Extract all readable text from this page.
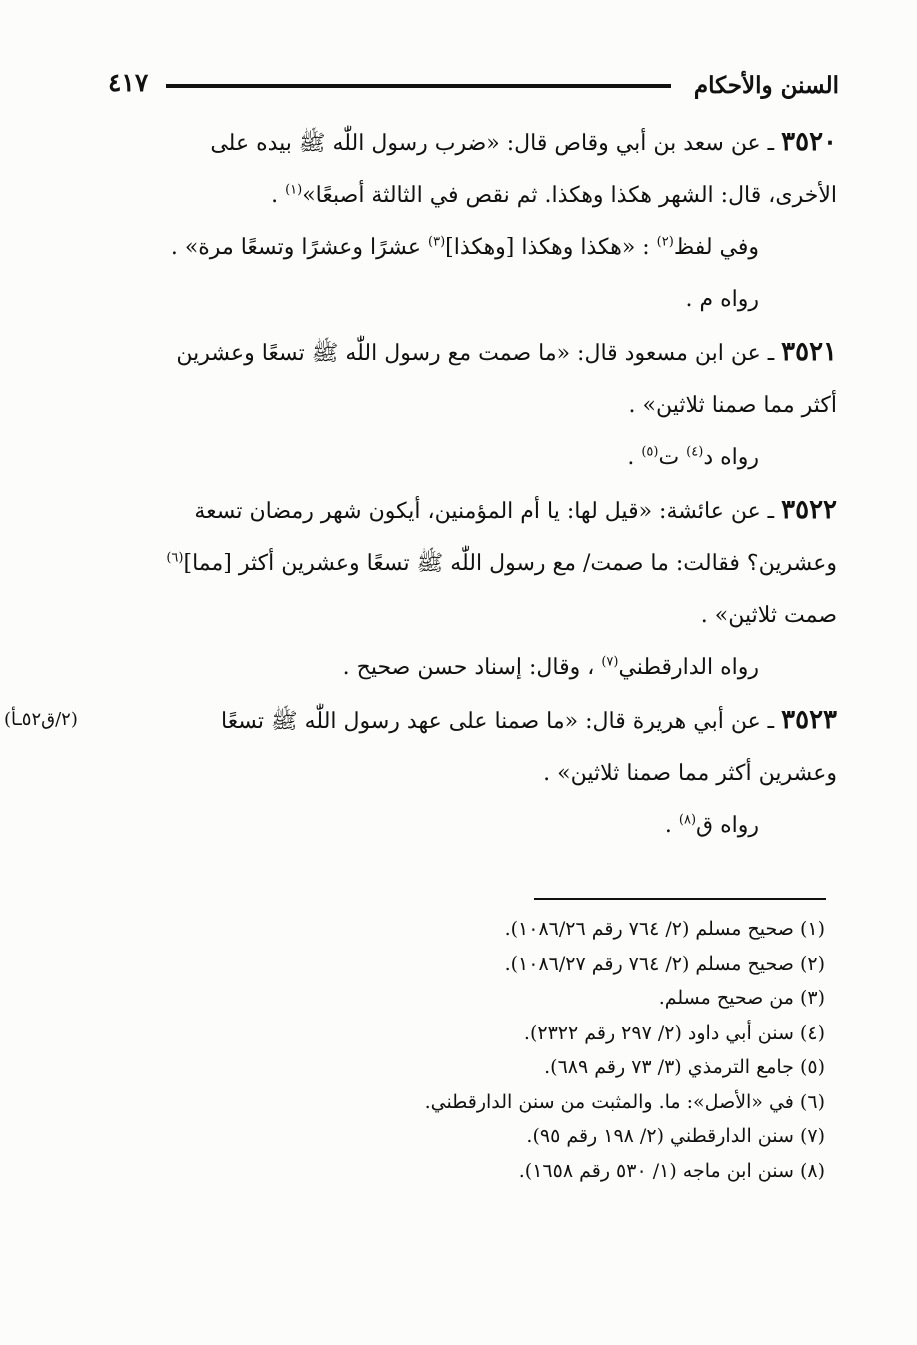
السنن والأحكام
٤١٧

٣٥٢٠ ـ عن سعد بن أبي وقاص قال: «ضرب رسول اللّٰه ﷺ بيده على

الأخرى، قال: الشهر هكذا وهكذا. ثم نقص في الثالثة أصبعًا»$^{(١)}$ .

وفي لفظ$^{(٢)}$ : «هكذا وهكذا [وهكذا]$^{(٣)}$ عشرًا وعشرًا وتسعًا مرة» .

رواه م .

٣٥٢١ ـ عن ابن مسعود قال: «ما صمت مع رسول اللّٰه ﷺ تسعًا وعشرين

أكثر مما صمنا ثلاثين» .

رواه د$^{(٤)}$ ت$^{(٥)}$ .

٣٥٢٢ ـ عن عائشة: «قيل لها: يا أم المؤمنين، أيكون شهر رمضان تسعة

وعشرين؟ فقالت: ما صمت/ مع رسول اللّٰه ﷺ تسعًا وعشرين أكثر [مما]$^{(٦)}$

صمت ثلاثين» .

رواه الدارقطني$^{(٧)}$ ، وقال: إسناد حسن صحيح .

٣٥٢٣ ـ عن أبي هريرة قال: «ما صمنا على عهد رسول اللّٰه ﷺ تسعًا

وعشرين أكثر مما صمنا ثلاثين» .

رواه ق$^{(٨)}$ .

(٢/ق٥٢ـأ)
(١) صحيح مسلم (٢/ ٧٦٤ رقم ١٠٨٦/٢٦).
(٢) صحيح مسلم (٢/ ٧٦٤ رقم ١٠٨٦/٢٧).
(٣) من صحيح مسلم.
(٤) سنن أبي داود (٢/ ٢٩٧ رقم ٢٣٢٢).
(٥) جامع الترمذي (٣/ ٧٣ رقم ٦٨٩).
(٦) في «الأصل»: ما. والمثبت من سنن الدارقطني.
(٧) سنن الدارقطني (٢/ ١٩٨ رقم ٩٥).
(٨) سنن ابن ماجه (١/ ٥٣٠ رقم ١٦٥٨).
